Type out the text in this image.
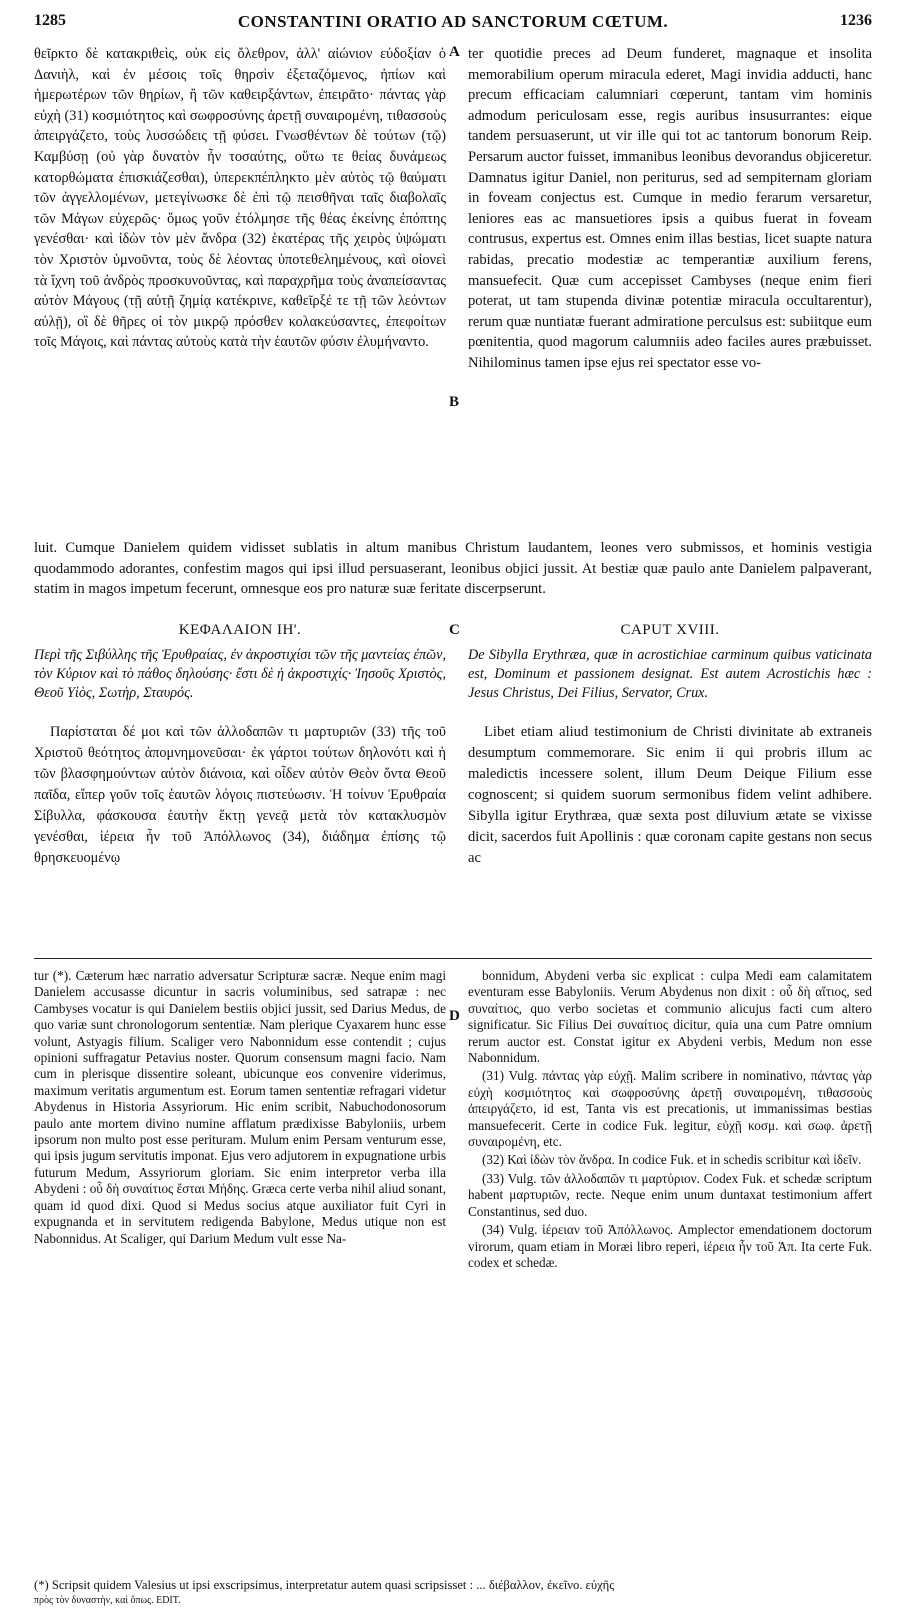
1285	CONSTANTINI ORATIO AD SANCTORUM CŒTUM.	1236
θεῖρκτο δὲ κατακριθεὶς, οὐκ εἰς ὄλεθρον, ἀλλ' αἰώνιον εὐδοξίαν ὁ Δανιὴλ, καὶ ἐν μέσοις τοῖς θηρσὶν ἐξεταζόμενος, ἠπίων καὶ ἡμερωτέρων τῶν θηρίων, ἢ τῶν καθειρξάντων, ἐπειρᾶτο· πάντας γὰρ εὐχὴ (31) κοσμιότητος καὶ σωφροσύνης ἀρετῇ συναιρομένη, τιθασσοὺς ἀπειργάζετο, τοὺς λυσσώδεις τῇ φύσει. Γνωσθέντων δὲ τούτων (τῷ) Καμβύσῃ (οὐ γὰρ δυνατὸν ἦν τοσαύτης, οὕτω τε θείας δυνάμεως κατορθώματα ἐπισκιάζεσθαι), ὑπερεκπέπληκτο μὲν αὐτὸς τῷ θαύματι τῶν ἀγγελλομένων, μετεγίνωσκε δὲ ἐπὶ τῷ πεισθῆναι ταῖς διαβολαῖς τῶν Μάγων εὐχερῶς· ὅμως γοῦν ἐτόλμησε τῆς θέας ἐκείνης ἐπόπτης γενέσθαι· καὶ ἰδὼν τὸν μὲν ἄνδρα (32) ἑκατέρας τῆς χειρὸς ὑψώματι τὸν Χριστὸν ὑμνοῦντα, τοὺς δὲ λέοντας ὑποτεθελημένους, καὶ οἱονεὶ τὰ ἴχνη τοῦ ἀνδρὸς προσκυνοῦντας, καὶ παραχρῆμα τοὺς ἀναπείσαντας αὐτὸν Μάγους (τῇ αὐτῇ ζημίᾳ κατέκρινε, καθεῖρξέ τε τῇ τῶν λεόντων αὐλῇ), οἳ δὲ θῆρες οἱ τὸν μικρῷ πρόσθεν κολακεύσαντες, ἐπεφοίτων τοῖς Μάγοις, καὶ πάντας αὐτοὺς κατὰ τὴν ἑαυτῶν φύσιν ἐλυμήναντο.
A
B
ter quotidie preces ad Deum funderet, magnaque et insolita memorabilium operum miracula ederet, Magi invidia adducti, hanc precum efficaciam calumniari cœperunt, tantam vim hominis admodum periculosam esse, regis auribus insusurrantes: eique tandem persuaserunt, ut vir ille qui tot ac tantorum bonorum Reip. Persarum auctor fuisset, immanibus leonibus devorandus objiceretur. Damnatus igitur Daniel, non periturus, sed ad sempiternam gloriam in foveam conjectus est. Cumque in medio ferarum versaretur, leniores eas ac mansuetiores ipsis a quibus fuerat in foveam contrusus, expertus est. Omnes enim illas bestias, licet suapte natura rabidas, precatio modestiæ ac temperantiæ auxilium ferens, mansuefecit. Quæ cum accepisset Cambyses (neque enim fieri poterat, ut tam stupenda divinæ potentiæ miracula occultarentur), rerum quæ nuntiatæ fuerant admiratione perculsus est: subiitque eum pœnitentia, quod magorum calumniis adeo faciles aures præbuisset. Nihilominus tamen ipse ejus rei spectator esse vo-
luit. Cumque Danielem quidem vidisset sublatis in altum manibus Christum laudantem, leones vero submissos, et hominis vestigia quodammodo adorantes, confestim magos qui ipsi illud persuaserant, leonibus objici jussit. At bestiæ quæ paulo ante Danielem palpaverant, statim in magos impetum fecerunt, omnesque eos pro naturæ suæ feritate discerpserunt.
ΚΕΦΑΛΑΙΟΝ ΙΗ'.	C	CAPUT XVIII.
Περὶ τῆς Σιβύλλης τῆς Ἐρυθραίας, ἐν ἀκροστιχίσι τῶν τῆς μαντείας ἐπῶν, τὸν Κύριον καὶ τὸ πάθος δηλούσης· ἔστι δὲ ἡ ἀκροστιχίς· Ἰησοῦς Χριστὸς, Θεοῦ Υἱὸς, Σωτὴρ, Σταυρός.
De Sibylla Erythræa, quæ in acrostichiae carminum quibus vaticinata est, Dominum et passionem designat. Est autem Acrostichis hæc : Jesus Christus, Dei Filius, Servator, Crux.
Παρίσταται δέ μοι καὶ τῶν ἀλλοδαπῶν τι μαρτυριῶν (33) τῆς τοῦ Χριστοῦ θεότητος ἀπομνημονεῦσαι· ἐκ γάρτοι τούτων δηλονότι καὶ ἡ τῶν βλασφημούντων αὐτὸν διάνοια, καὶ οἶδεν αὐτὸν Θεὸν ὄντα Θεοῦ παῖδα, εἴπερ γοῦν τοῖς ἑαυτῶν λόγοις πιστεύωσιν. Ἡ τοίνυν Ἐρυθραία Σίβυλλα, φάσκουσα ἑαυτὴν ἕκτῃ γενεᾷ μετὰ τὸν κατακλυσμὸν γενέσθαι, ἱέρεια ἦν τοῦ Ἀπόλλωνος (34), διάδημα ἐπίσης τῷ θρησκευομένῳ
Libet etiam aliud testimonium de Christi divinitate ab extraneis desumptum commemorare. Sic enim ii qui probris illum ac maledictis incessere solent, illum Deum Deique Filium esse cognoscent; si quidem suorum sermonibus fidem velint adhibere. Sibylla igitur Erythræa, quæ sexta post diluvium ætate se vixisse dicit, sacerdos fuit Apollinis : quæ coronam capite gestans non secus ac
tur (*). Cæterum hæc narratio adversatur Scripturæ sacræ. Neque enim magi Danielem accusasse dicuntur in sacris voluminibus, sed satrapæ : nec Cambyses vocatur is qui Danielem bestiis objici jussit, sed Darius Medus, de quo variæ sunt chronologorum sententiæ. Nam plerique Cyaxarem hunc esse volunt, Astyagis filium. Scaliger vero Nabonnidum esse contendit ; cujus opinioni suffragatur Petavius noster. Quorum consensum magni facio. Nam cum in plerisque dissentire soleant, ubicunque eos convenire viderimus, maximum veritatis argumentum est. Eorum tamen sententiæ refragari videtur Abydenus in Historia Assyriorum. Hic enim scribit, Nabuchodonosorum paulo ante mortem divino numine afflatum prædixisse Babyloniis, urbem ipsorum non multo post esse perituram. Mulum enim Persam venturum esse, qui ipsis jugum servitutis imponat. Ejus vero adjutorem in expugnatione urbis futurum Medum, Assyriorum gloriam. Sic enim interpretor verba illa Abydeni : οὗ δὴ συναίτιος ἔσται Μήδης. Græca certe verba nihil aliud sonant, quam id quod dixi. Quod si Medus socius atque auxiliator fuit Cyri in expugnanda et in servitutem redigenda Babylone, Medus utique non est Nabonnidus. At Scaliger, qui Darium Medum vult esse Na-
D

bonnidum, Abydeni verba sic explicat : culpa Medi eam calamitatem eventuram esse Babyloniis. Verum Abydenus non dixit : οὗ δὴ αἴτιος, sed συναίτιος, quo verbo societas et communio alicujus facti cum altero significatur. Sic Filius Dei συναίτιος dicitur, quia una cum Patre omnium rerum auctor est. Constat igitur ex Abydeni verbis, Medum non esse Nabonnidum.

(31) Vulg. πάντας γὰρ εὐχῇ. Malim scribere in nominativo, πάντας γὰρ εὐχὴ κοσμιότητος καὶ σωφροσύνης ἀρετῇ συναιρομένη, τιθασσοὺς ἀπειργάζετο, id est, Tanta vis est precationis, ut immanissimas bestias mansuefecerit. Certe in codice Fuk. legitur, εὐχῇ κοσμ. καὶ σωφ. ἀρετῇ συναιρομένη, etc.

(32) Καὶ ἰδὼν τὸν ἄνδρα. In codice Fuk. et in schedis scribitur καὶ ἰδεῖν.

(33) Vulg. τῶν ἀλλοδαπῶν τι μαρτύριον. Codex Fuk. et schedæ scriptum habent μαρτυριῶν, recte. Neque enim unum duntaxat testimonium affert Constantinus, sed duo.

(34) Vulg. ἱέρειαν τοῦ Ἀπόλλωνος. Amplector emendationem doctorum virorum, quam etiam in Moræi libro reperi, ἱέρεια ἦν τοῦ Ἀπ. Ita certe Fuk. codex et schedæ.

(*) Scripsit quidem Valesius ut ipsi exscripsimus, interpretatur autem quasi scripsisset : ... διέβαλλον, ἐκεῖνο. εὐχῆς
πρὸς τὸν δυναστὴν, καὶ ὅπως. EDIT.
